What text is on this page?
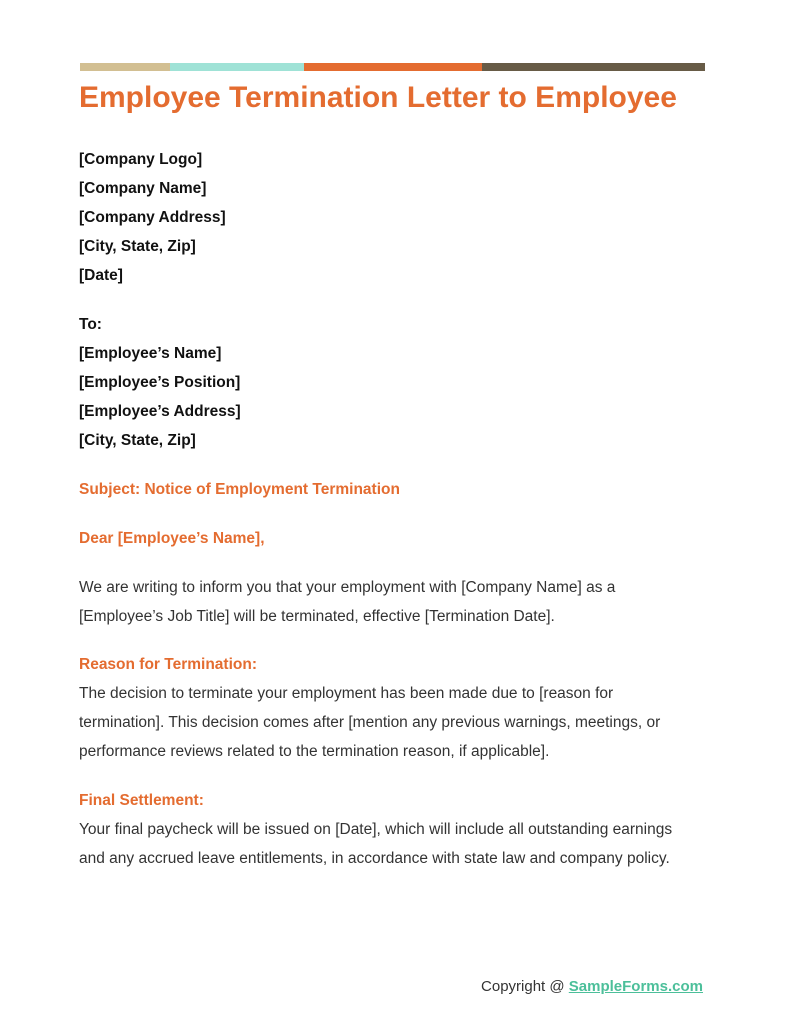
Employee Termination Letter to Employee
[Company Logo]
[Company Name]
[Company Address]
[City, State, Zip]
[Date]
To:
[Employee’s Name]
[Employee’s Position]
[Employee’s Address]
[City, State, Zip]
Subject: Notice of Employment Termination
Dear [Employee’s Name],
We are writing to inform you that your employment with [Company Name] as a
[Employee’s Job Title] will be terminated, effective [Termination Date].
Reason for Termination:
The decision to terminate your employment has been made due to [reason for
termination]. This decision comes after [mention any previous warnings, meetings, or
performance reviews related to the termination reason, if applicable].
Final Settlement:
Your final paycheck will be issued on [Date], which will include all outstanding earnings
and any accrued leave entitlements, in accordance with state law and company policy.
Copyright @ SampleForms.com
